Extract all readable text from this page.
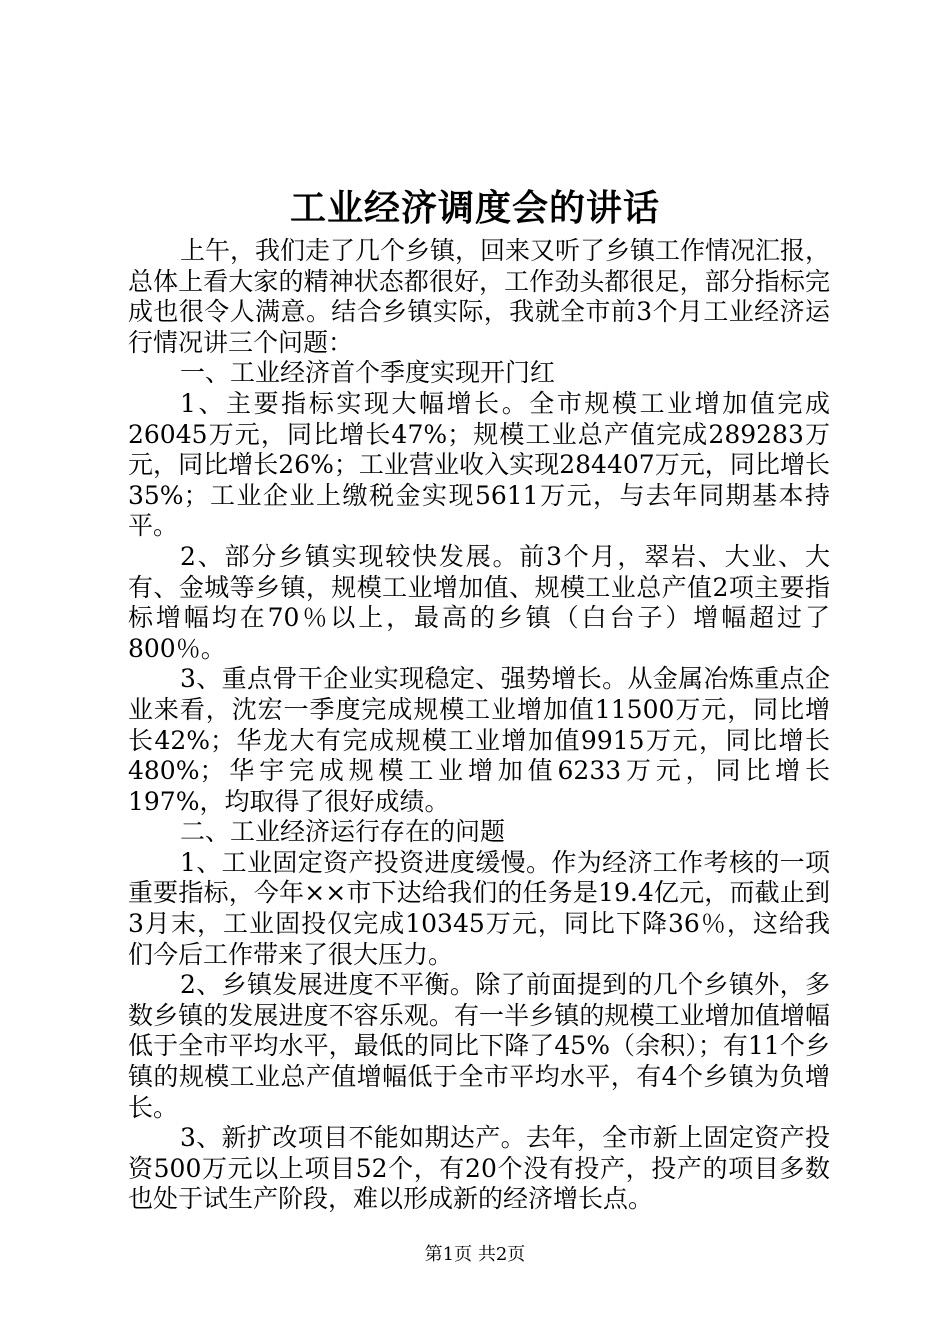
工业经济调度会的讲话

上午，我们走了几个乡镇，回来又听了乡镇工作情况汇报，总体上看大家的精神状态都很好，工作劲头都很足，部分指标完成也很令人满意。结合乡镇实际，我就全市前3个月工业经济运行情况讲三个问题：

一、工业经济首个季度实现开门红

1、主要指标实现大幅增长。全市规模工业增加值完成26045万元，同比增长47%；规模工业总产值完成289283万元，同比增长26%；工业营业收入实现284407万元，同比增长35%；工业企业上缴税金实现5611万元，与去年同期基本持平。

2、部分乡镇实现较快发展。前3个月，翠岩、大业、大有、金城等乡镇，规模工业增加值、规模工业总产值2项主要指标增幅均在70％以上，最高的乡镇（白台子）增幅超过了800％。

3、重点骨干企业实现稳定、强势增长。从金属冶炼重点企业来看，沈宏一季度完成规模工业增加值11500万元，同比增长42%；华龙大有完成规模工业增加值9915万元，同比增长480%；华宇完成规模工业增加值6233万元，同比增长197%，均取得了很好成绩。

二、工业经济运行存在的问题

1、工业固定资产投资进度缓慢。作为经济工作考核的一项重要指标，今年××市下达给我们的任务是19.4亿元，而截止到3月末，工业固投仅完成10345万元，同比下降36％，这给我们今后工作带来了很大压力。

2、乡镇发展进度不平衡。除了前面提到的几个乡镇外，多数乡镇的发展进度不容乐观。有一半乡镇的规模工业增加值增幅低于全市平均水平，最低的同比下降了45%（余积）；有11个乡镇的规模工业总产值增幅低于全市平均水平，有4个乡镇为负增长。

3、新扩改项目不能如期达产。去年，全市新上固定资产投资500万元以上项目52个，有20个没有投产，投产的项目多数也处于试生产阶段，难以形成新的经济增长点。

第1页 共2页
